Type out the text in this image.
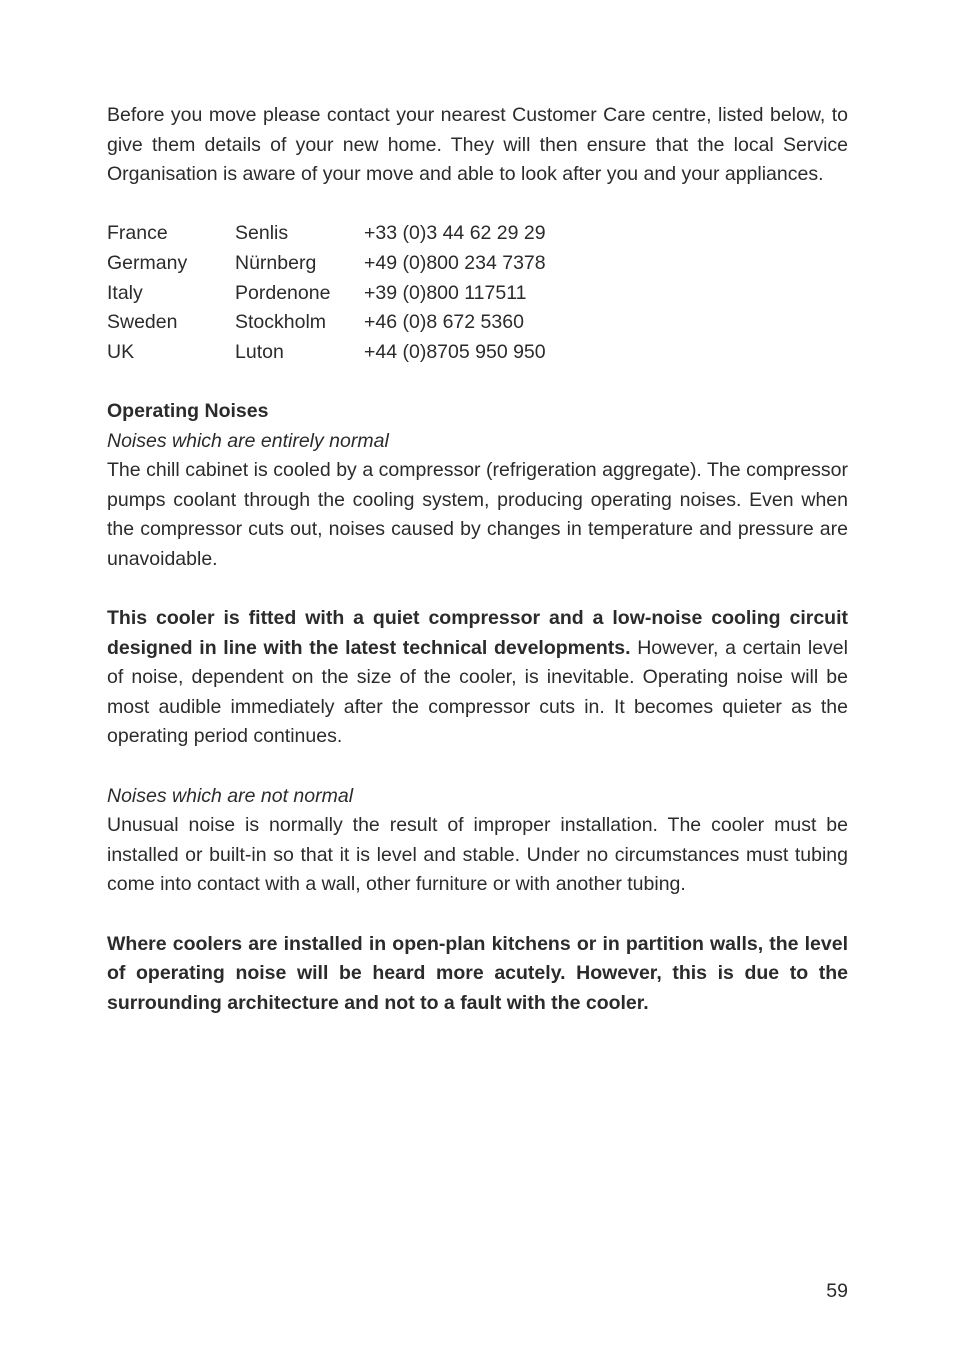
Before you move please contact your nearest Customer Care centre, listed below, to give them details of your new home. They will then ensure that the local Service Organisation is aware of your move and able to look after you and your appliances.

France	Senlis	+33 (0)3 44 62 29 29
Germany	Nürnberg	+49 (0)800 234 7378
Italy	Pordenone	+39 (0)800 117511
Sweden	Stockholm	+46 (0)8 672 5360
UK	Luton	+44 (0)8705 950 950

Operating Noises

Noises which are entirely normal

The chill cabinet is cooled by a compressor (refrigeration aggregate). The compressor pumps coolant through the cooling system, producing operating noises. Even when the compressor cuts out, noises caused by changes in temperature and pressure are unavoidable.

This cooler is fitted with a quiet compressor and a low-noise cooling circuit designed in line with the latest technical developments. However, a certain level of noise, dependent on the size of the cooler, is inevitable. Operating noise will be most audible immediately after the compressor cuts in. It becomes quieter as the operating period continues.

Noises which are not normal

Unusual noise is normally the result of improper installation. The cooler must be installed or built-in so that it is level and stable. Under no circumstances must tubing come into contact with a wall, other furniture or with another tubing.

Where coolers are installed in open-plan kitchens or in partition walls, the level of operating noise will be heard more acutely. However, this is due to the surrounding architecture and not to a fault with the cooler.

59
